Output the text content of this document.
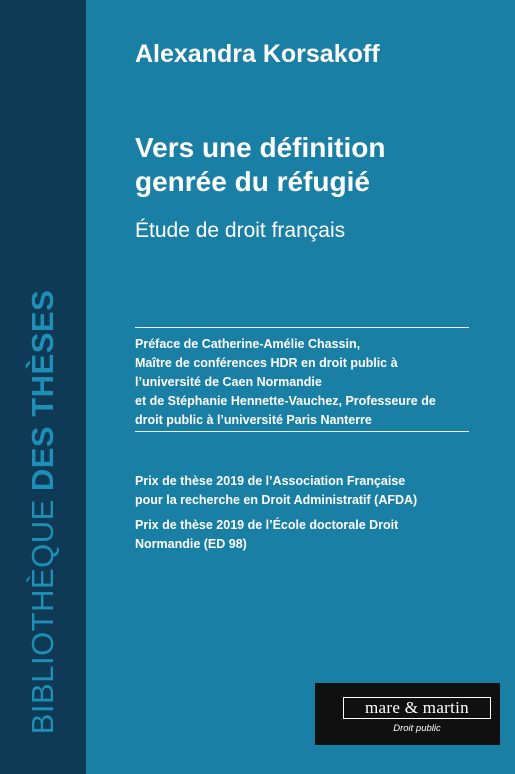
BIBLIOTHÈQUEDES THÈSES
Alexandra Korsakoff
Vers une définition
genrée du réfugié
Étude de droit français
Préface de Catherine-Amélie Chassin,
Maître de conférences HDR en droit public à
l’université de Caen Normandie
et de Stéphanie Hennette-Vauchez, Professeure de
droit public à l’université Paris Nanterre
Prix de thèse 2019 de l’Association Française
pour la recherche en Droit Administratif (AFDA)
Prix de thèse 2019 de l’École doctorale Droit
Normandie (ED 98)
mare & martin
Droit public
